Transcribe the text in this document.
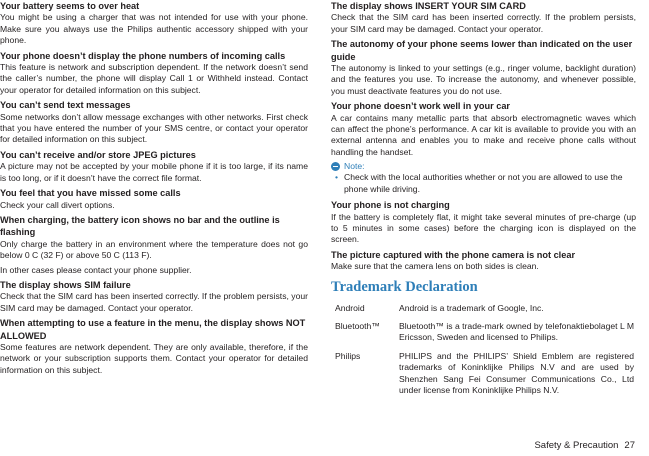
Your battery seems to over heat

You might be using a charger that was not intended for use with your phone. Make sure you always use the Philips authentic accessory shipped with your phone.

Your phone doesn’t display the phone numbers of incoming calls

This feature is network and subscription dependent. If the network doesn’t send the caller’s number, the phone will display Call 1 or Withheld instead. Contact your operator for detailed information on this subject.

You can’t send text messages

Some networks don’t allow message exchanges with other networks. First check that you have entered the number of your SMS centre, or contact your operator for detailed information on this subject.

You can’t receive and/or store JPEG pictures

A picture may not be accepted by your mobile phone if it is too large, if its name is too long, or if it doesn’t have the correct file format.

You feel that you have missed some calls

Check your call divert options.

When charging, the battery icon shows no bar and the outline is flashing

Only charge the battery in an environment where the temperature does not go below 0 C (32 F) or above 50 C (113 F).

In other cases please contact your phone supplier.

The display shows SIM failure

Check that the SIM card has been inserted correctly. If the problem persists, your SIM card may be damaged. Contact your operator.

When attempting to use a feature in the menu, the display shows NOT ALLOWED

Some features are network dependent. They are only available, therefore, if the network or your subscription supports them. Contact your operator for detailed information on this subject.

The display shows INSERT YOUR SIM CARD

Check that the SIM card has been inserted correctly. If the problem persists, your SIM card may be damaged. Contact your operator.

The autonomy of your phone seems lower than indicated on the user guide

The autonomy is linked to your settings (e.g., ringer volume, backlight duration) and the features you use. To increase the autonomy, and whenever possible, you must deactivate features you do not use.

Your phone doesn’t work well in your car

A car contains many metallic parts that absorb electromagnetic waves which can affect the phone’s performance. A car kit is available to provide you with an external antenna and enables you to make and receive phone calls without handling the handset.

Note:
• Check with the local authorities whether or not you are allowed to use the phone while driving.
Your phone is not charging

If the battery is completely flat, it might take several minutes of pre-charge (up to 5 minutes in some cases) before the charging icon is displayed on the screen.

The picture captured with the phone camera is not clear

Make sure that the camera lens on both sides is clean.

Trademark Declaration
Android	Android is a trademark of Google, Inc.
Bluetooth™	Bluetooth™ is a trade-mark owned by telefonaktiebolaget L M Ericsson, Sweden and licensed to Philips.
Philips	PHILIPS and the PHILIPS’ Shield Emblem are registered trademarks of Koninklijke Philips N.V and are used by Shenzhen Sang Fei Consumer Communications Co., Ltd under license from Koninklijke Philips N.V.
Safety & Precaution 27
